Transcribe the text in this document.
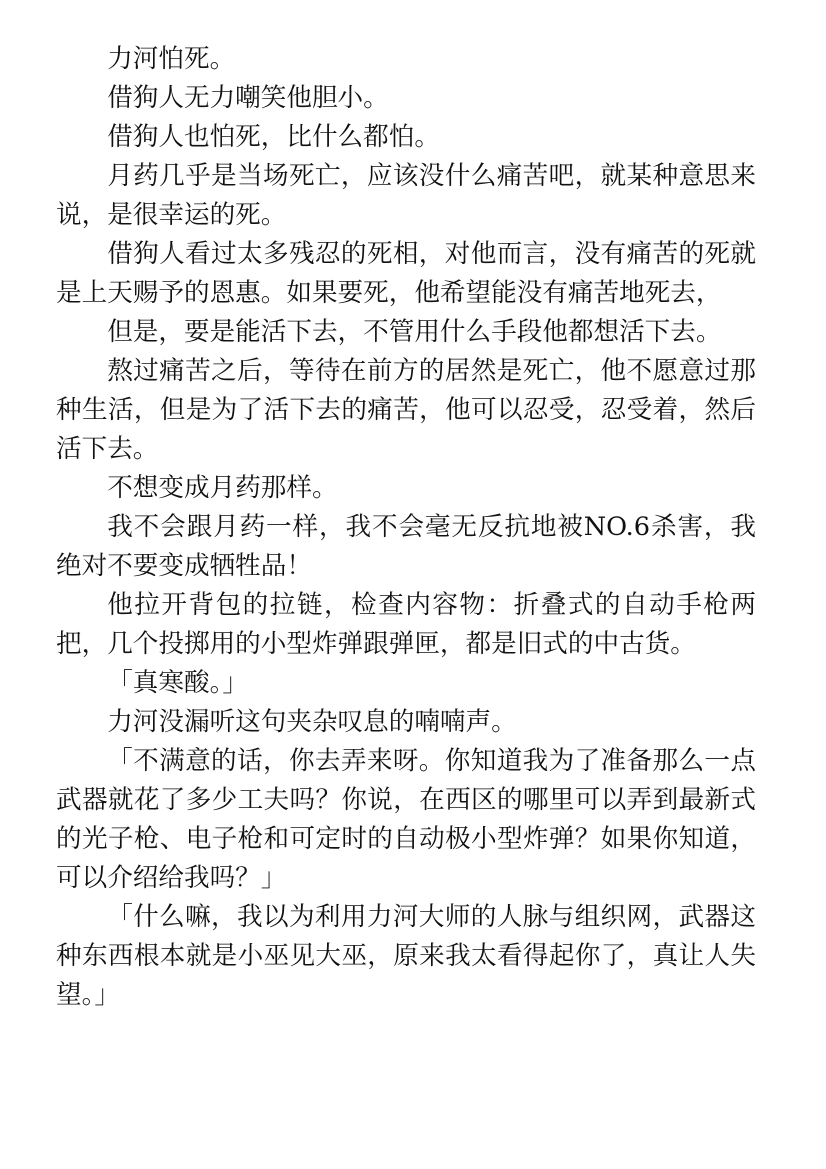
力河怕死。

借狗人无力嘲笑他胆小。

借狗人也怕死，比什么都怕。

月药几乎是当场死亡，应该没什么痛苦吧，就某种意思来说，是很幸运的死。

借狗人看过太多残忍的死相，对他而言，没有痛苦的死就是上天赐予的恩惠。如果要死，他希望能没有痛苦地死去，

但是，要是能活下去，不管用什么手段他都想活下去。

熬过痛苦之后，等待在前方的居然是死亡，他不愿意过那种生活，但是为了活下去的痛苦，他可以忍受，忍受着，然后活下去。

不想变成月药那样。

我不会跟月药一样，我不会毫无反抗地被NO.6杀害，我绝对不要变成牺牲品！

他拉开背包的拉链，检查内容物：折叠式的自动手枪两把，几个投掷用的小型炸弹跟弹匣，都是旧式的中古货。

「真寒酸。」

力河没漏听这句夹杂叹息的喃喃声。

「不满意的话，你去弄来呀。你知道我为了准备那么一点武器就花了多少工夫吗？你说，在西区的哪里可以弄到最新式的光子枪、电子枪和可定时的自动极小型炸弹？如果你知道，可以介绍给我吗？」

「什么嘛，我以为利用力河大师的人脉与组织网，武器这种东西根本就是小巫见大巫，原来我太看得起你了，真让人失望。」
